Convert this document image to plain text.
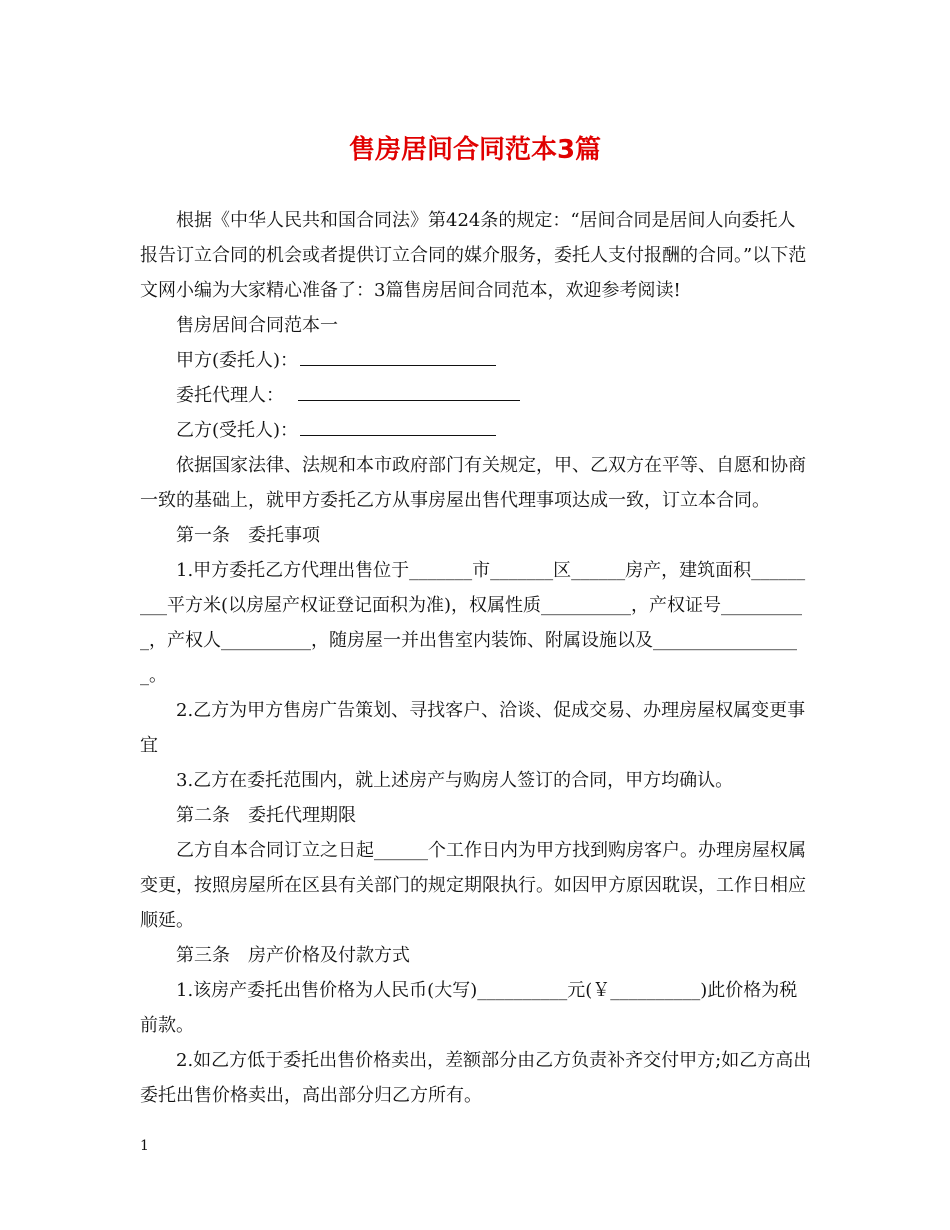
售房居间合同范本3篇

根据《中华人民共和国合同法》第424条的规定：“居间合同是居间人向委托人报告订立合同的机会或者提供订立合同的媒介服务，委托人支付报酬的合同。”以下范文网小编为大家精心准备了：3篇售房居间合同范本，欢迎参考阅读!

售房居间合同范本一

甲方(委托人)：

委托代理人：

乙方(受托人)：

依据国家法律、法规和本市政府部门有关规定，甲、乙双方在平等、自愿和协商一致的基础上，就甲方委托乙方从事房屋出售代理事项达成一致，订立本合同。

第一条　委托事项

1.甲方委托乙方代理出售位于_______市_______区______房产，建筑面积_________平方米(以房屋产权证登记面积为准)，权属性质__________，产权证号__________，产权人__________，随房屋一并出售室内装饰、附属设施以及_________________。

2.乙方为甲方售房广告策划、寻找客户、洽谈、促成交易、办理房屋权属变更事宜

3.乙方在委托范围内，就上述房产与购房人签订的合同，甲方均确认。

第二条　委托代理期限

乙方自本合同订立之日起______个工作日内为甲方找到购房客户。办理房屋权属变更，按照房屋所在区县有关部门的规定期限执行。如因甲方原因耽误，工作日相应顺延。

第三条　房产价格及付款方式

1.该房产委托出售价格为人民币(大写)__________元(￥__________)此价格为税前款。

2.如乙方低于委托出售价格卖出，差额部分由乙方负责补齐交付甲方;如乙方高出委托出售价格卖出，高出部分归乙方所有。

1
